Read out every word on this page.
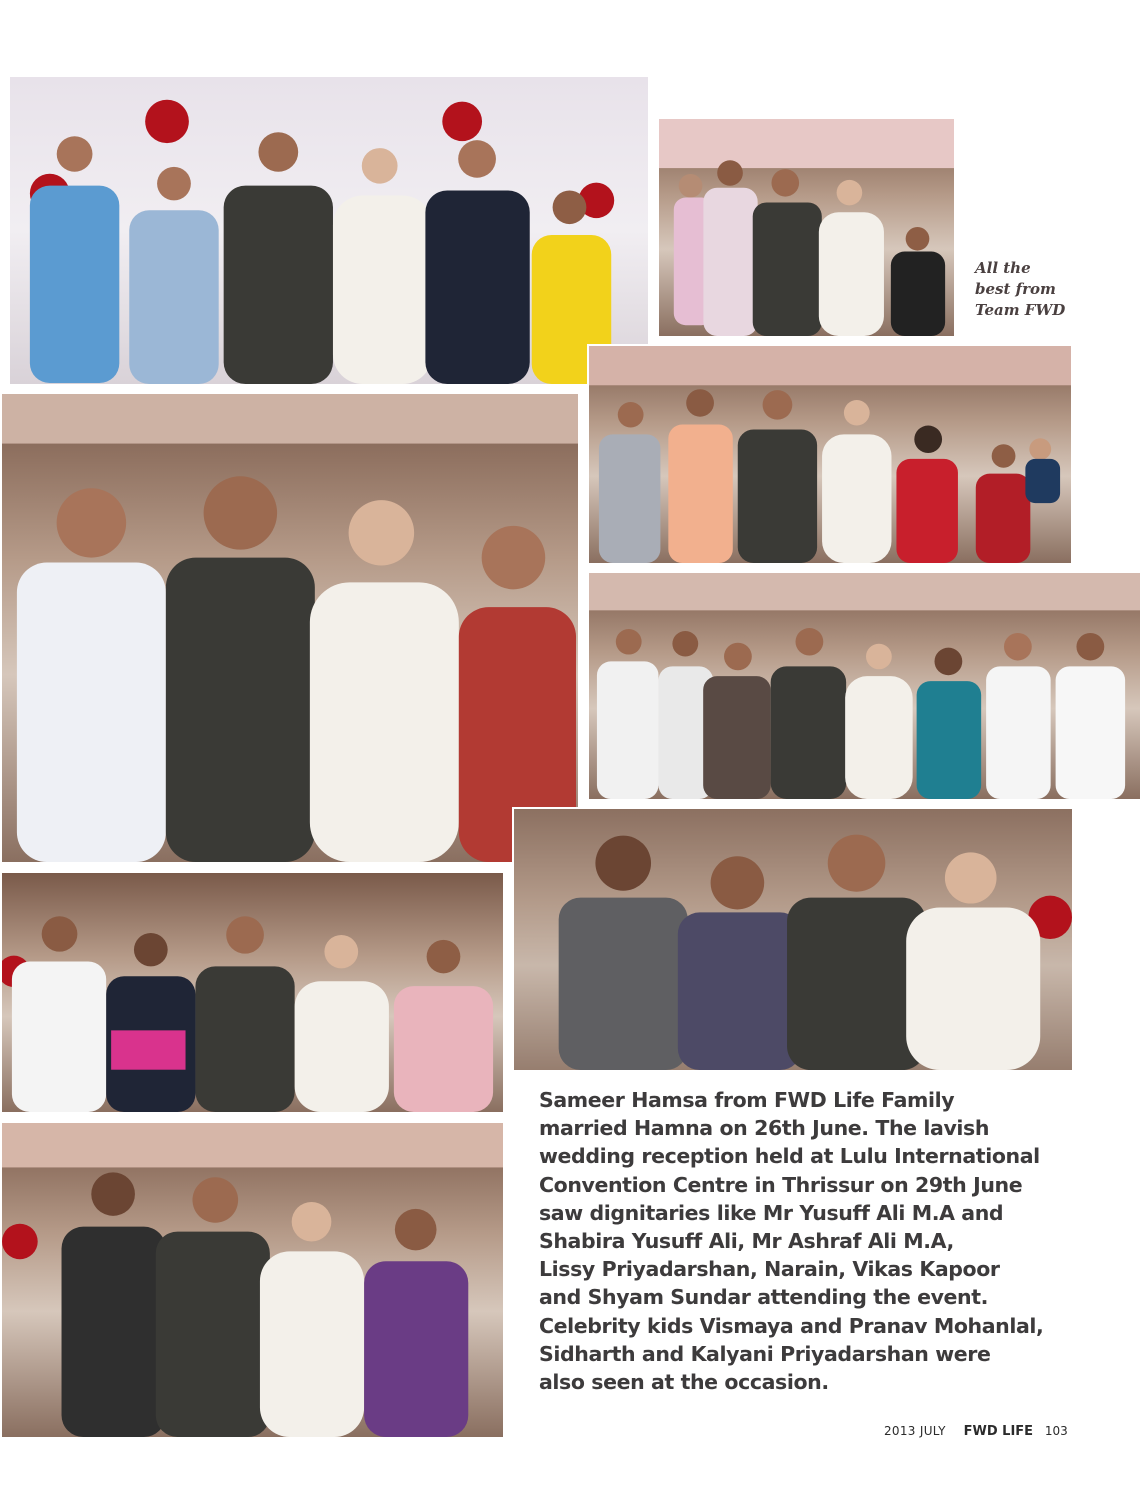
All the
best from
Team FWD
Sameer Hamsa from FWD Life Family
married Hamna on 26th June. The lavish
wedding reception held at Lulu International
Convention Centre in Thrissur on 29th June
saw dignitaries like Mr Yusuff Ali M.A and
Shabira Yusuff Ali, Mr Ashraf Ali M.A,
Lissy Priyadarshan, Narain, Vikas Kapoor
and Shyam Sundar attending the event.
Celebrity kids Vismaya and Pranav Mohanlal,
Sidharth and Kalyani Priyadarshan were
also seen at the occasion.
2013 JULY FWD LIFE 103
